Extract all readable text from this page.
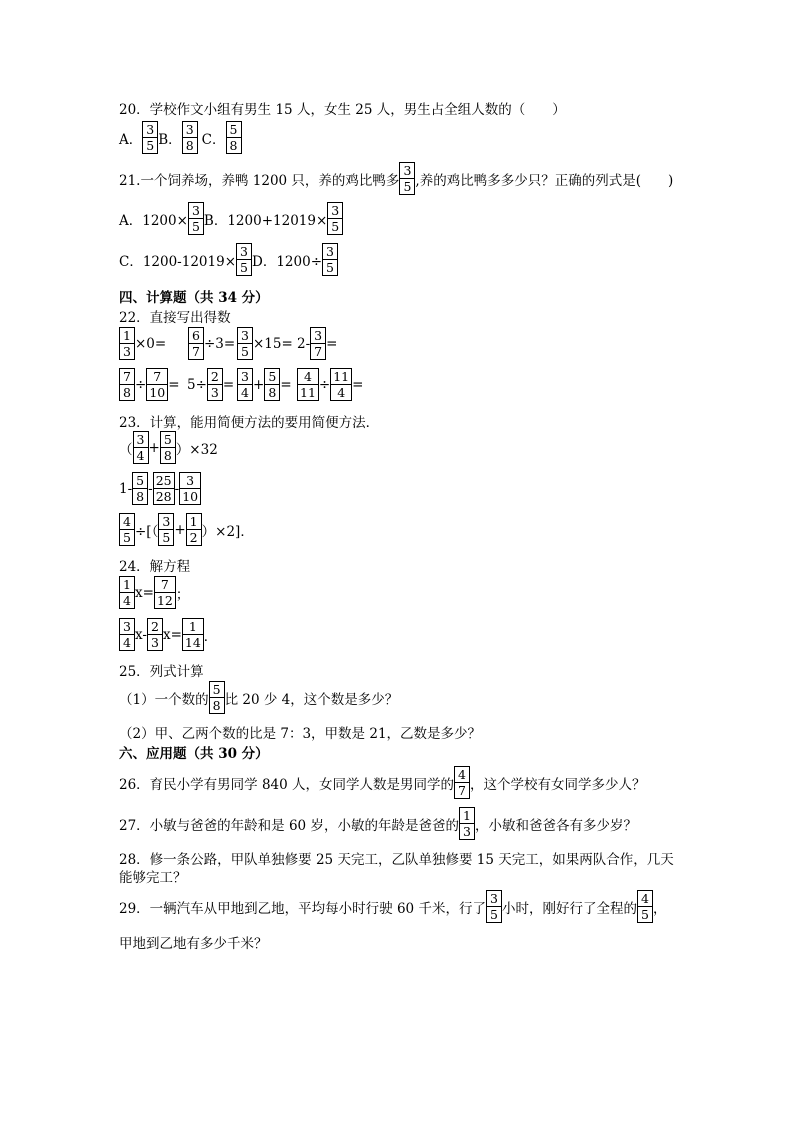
20．学校作文小组有男生 15 人，女生 25 人，男生占全组人数的（　　）
A．
3
5 B．
3
8 C．
5
8
21.一个饲养场，养鸭 1200 只，养的鸡比鸭多
3
5 ,养的鸡比鸭多多少只？正确的列式是(　　)
A．$1200\times \frac{3}{5}$ B．$1200+12019\times \frac{3}{5}$
C．$1200-12019\times \frac{3}{5}$ D．$1200\div \frac{3}{5}$
四、计算题（共 34 分）
22．直接写出得数
$\frac{1}{3} \times 0= \frac{6}{7} \div 3= \frac{3}{5} \times 15= 2- \frac{3}{7}$ =
$\frac{7}{8} \div \frac{7}{10} = 5\div \frac{2}{3} = 3$
$4 + \frac{5}{8} = \frac{4}{11} \div \frac{11}{4}$ =
23．计算，能用简便方法的要用简便方法．
（
3
$4 + \frac{5}{8} )\times 32$
1- 5
8 - 25
28 - 3
10
$\frac{4}{5}$ ÷[（
3
$5 + \frac{1}{2} )\times 2$]．
24．解方程
1
4 $x= \frac{7}{12}$ ；
3
4 x- 2
3 $x= \frac{1}{14}$ ．
25．列式计算
（1）一个数的
5
8 比 20 少 4，这个数是多少？
（2）甲、乙两个数的比是 7：3，甲数是 21，乙数是多少？
六、应用题（共 30 分）
26．育民小学有男同学 840 人，女同学人数是男同学的
4
7 ，这个学校有女同学多少人？
27．小敏与爸爸的年龄和是 60 岁，小敏的年龄是爸爸的
1
3 ，小敏和爸爸各有多少岁？
28．修一条公路，甲队单独修要 25 天完工，乙队单独修要 15 天完工，如果两队合作，几天
能够完工？
29．一辆汽车从甲地到乙地，平均每小时行驶 60 千米，行了
3
5 小时，刚好行了全程的
4
5 ，
甲地到乙地有多少千米？
